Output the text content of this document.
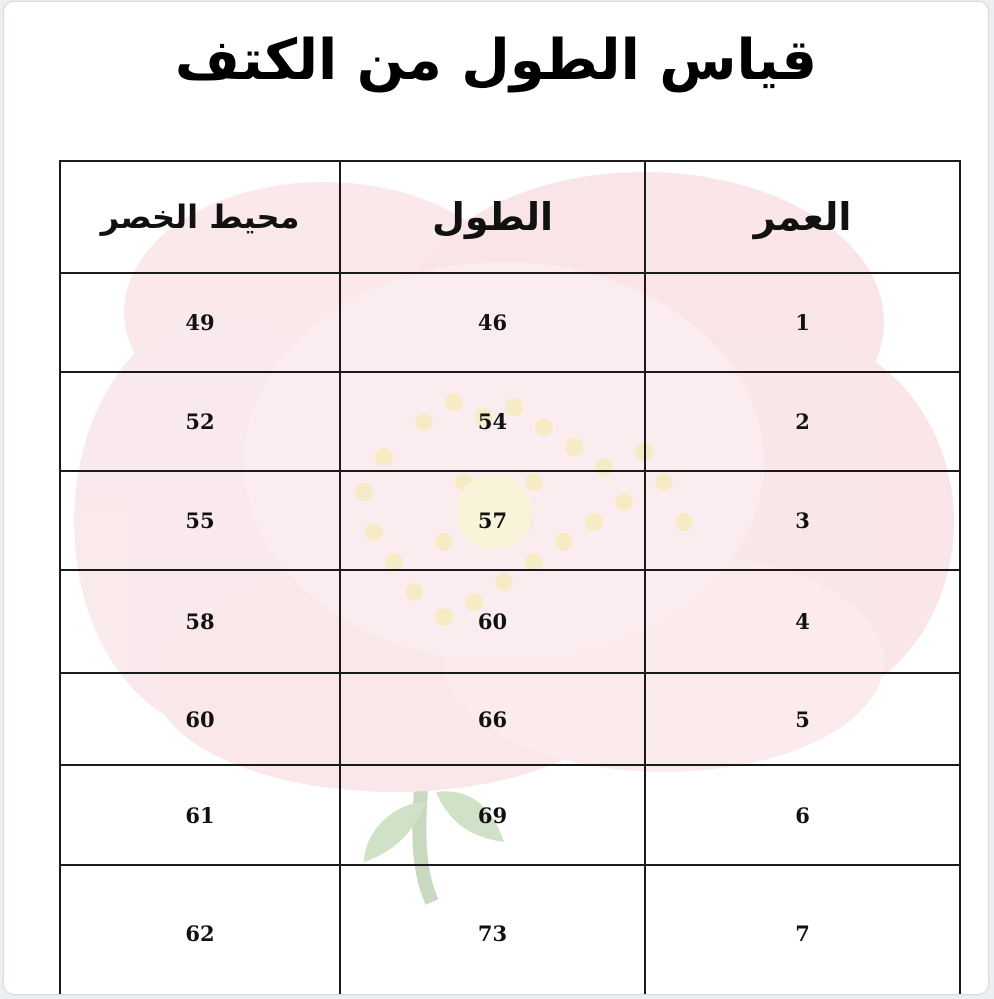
قياس الطول من الكتف
محيط الخصر	الطول	العمر
49	46	1
52	54	2
55	57	3
58	60	4
60	66	5
61	69	6
62	73	7
